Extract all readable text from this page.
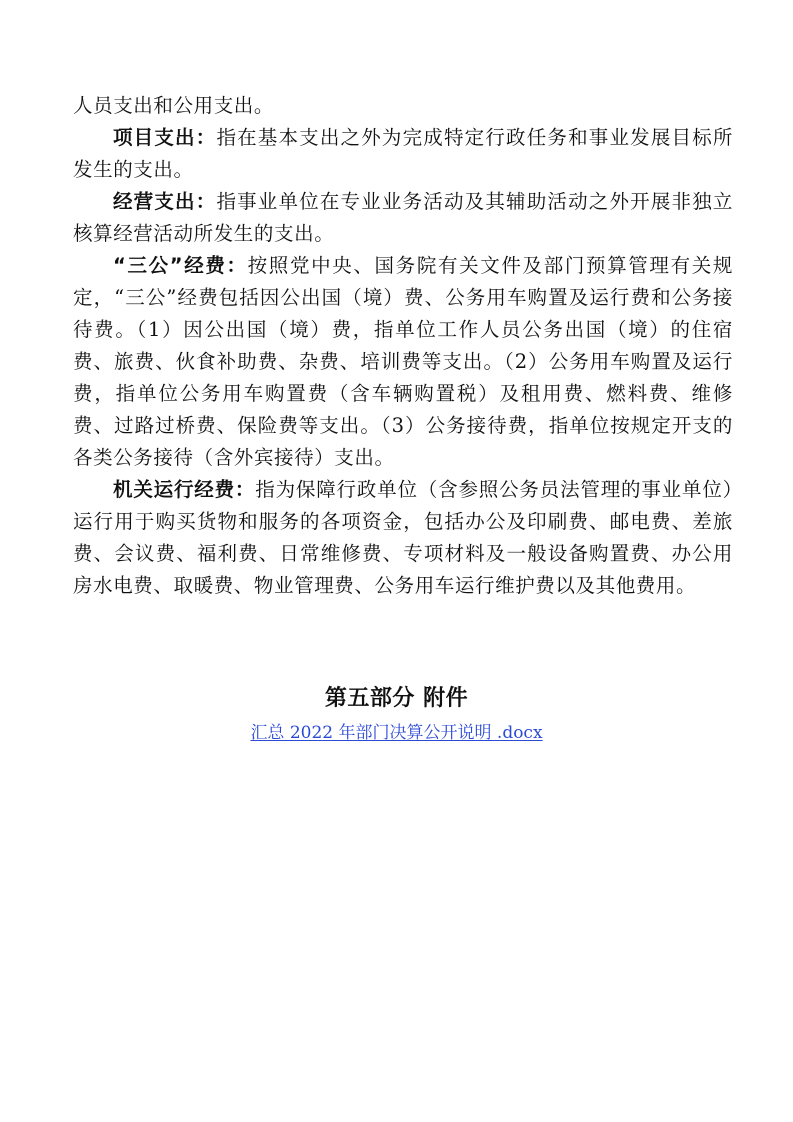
人员支出和公用支出。

项目支出：指在基本支出之外为完成特定行政任务和事业发展目标所发生的支出。

经营支出：指事业单位在专业业务活动及其辅助活动之外开展非独立核算经营活动所发生的支出。

“三公”经费：按照党中央、国务院有关文件及部门预算管理有关规定，“三公”经费包括因公出国（境）费、公务用车购置及运行费和公务接待费。（1）因公出国（境）费，指单位工作人员公务出国（境）的住宿费、旅费、伙食补助费、杂费、培训费等支出。（2）公务用车购置及运行费，指单位公务用车购置费（含车辆购置税）及租用费、燃料费、维修费、过路过桥费、保险费等支出。（3）公务接待费，指单位按规定开支的各类公务接待（含外宾接待）支出。

机关运行经费：指为保障行政单位（含参照公务员法管理的事业单位）运行用于购买货物和服务的各项资金，包括办公及印刷费、邮电费、差旅费、会议费、福利费、日常维修费、专项材料及一般设备购置费、办公用房水电费、取暖费、物业管理费、公务用车运行维护费以及其他费用。

第五部分 附件
汇总 2022 年部门决算公开说明 .docx
